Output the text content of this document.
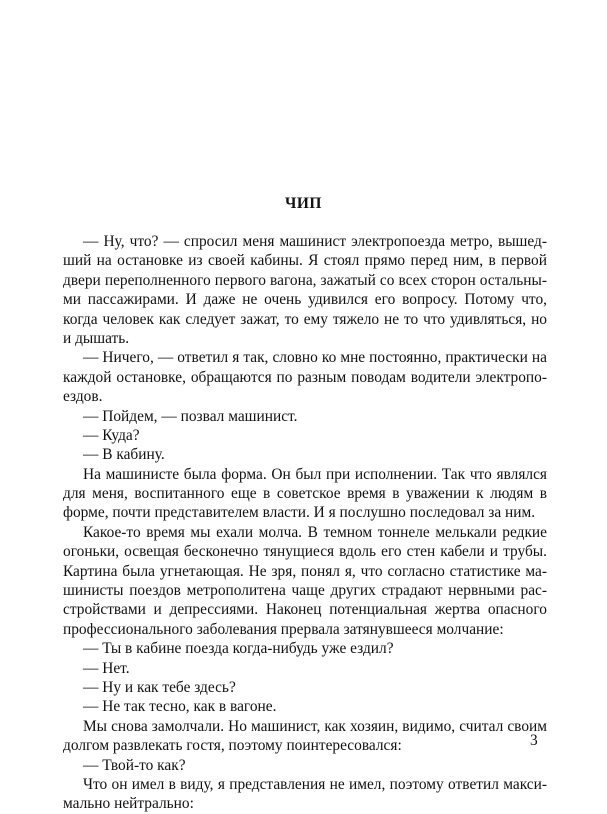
ЧИП
— Ну, что? — спросил меня машинист электропоезда метро, вышед-
ший на остановке из своей кабины. Я стоял прямо перед ним, в первой
двери переполненного первого вагона, зажатый со всех сторон остальны-
ми пассажирами. И даже не очень удивился его вопросу. Потому что,
когда человек как следует зажат, то ему тяжело не то что удивляться, но
и дышать.
— Ничего, — ответил я так, словно ко мне постоянно, практически на
каждой остановке, обращаются по разным поводам водители электропо-
ездов.
— Пойдем, — позвал машинист.
— Куда?
— В кабину.
На машинисте была форма. Он был при исполнении. Так что являлся
для меня, воспитанного еще в советское время в уважении к людям в
форме, почти представителем власти. И я послушно последовал за ним.
Какое-то время мы ехали молча. В темном тоннеле мелькали редкие
огоньки, освещая бесконечно тянущиеся вдоль его стен кабели и трубы.
Картина была угнетающая. Не зря, понял я, что согласно статистике ма-
шинисты поездов метрополитена чаще других страдают нервными рас-
стройствами и депрессиями. Наконец потенциальная жертва опасного
профессионального заболевания прервала затянувшееся молчание:
— Ты в кабине поезда когда-нибудь уже ездил?
— Нет.
— Ну и как тебе здесь?
— Не так тесно, как в вагоне.
Мы снова замолчали. Но машинист, как хозяин, видимо, считал своим
долгом развлекать гостя, поэтому поинтересовался:
— Твой-то как?
Что он имел в виду, я представления не имел, поэтому ответил макси-
мально нейтрально:
3
